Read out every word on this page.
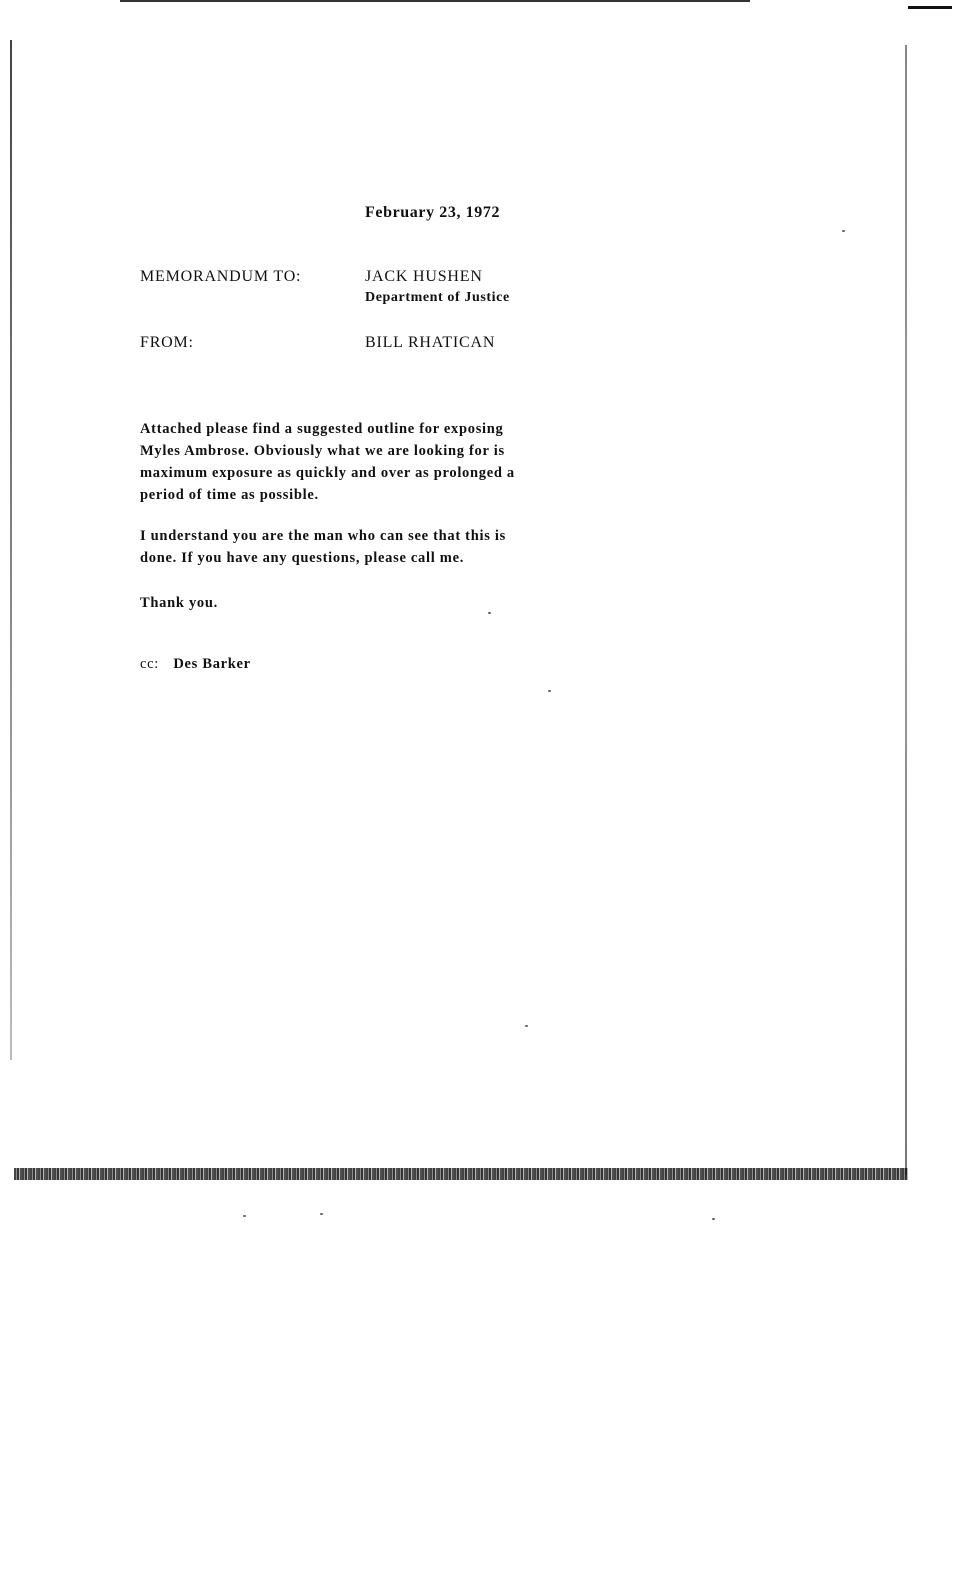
February 23, 1972
MEMORANDUM TO:	JACK HUSHEN
Department of Justice
FROM:	BILL RHATICAN
Attached please find a suggested outline for exposing
Myles Ambrose. Obviously what we are looking for is
maximum exposure as quickly and over as prolonged a
period of time as possible.
I understand you are the man who can see that this is
done. If you have any questions, please call me.
Thank you.
cc: Des Barker
